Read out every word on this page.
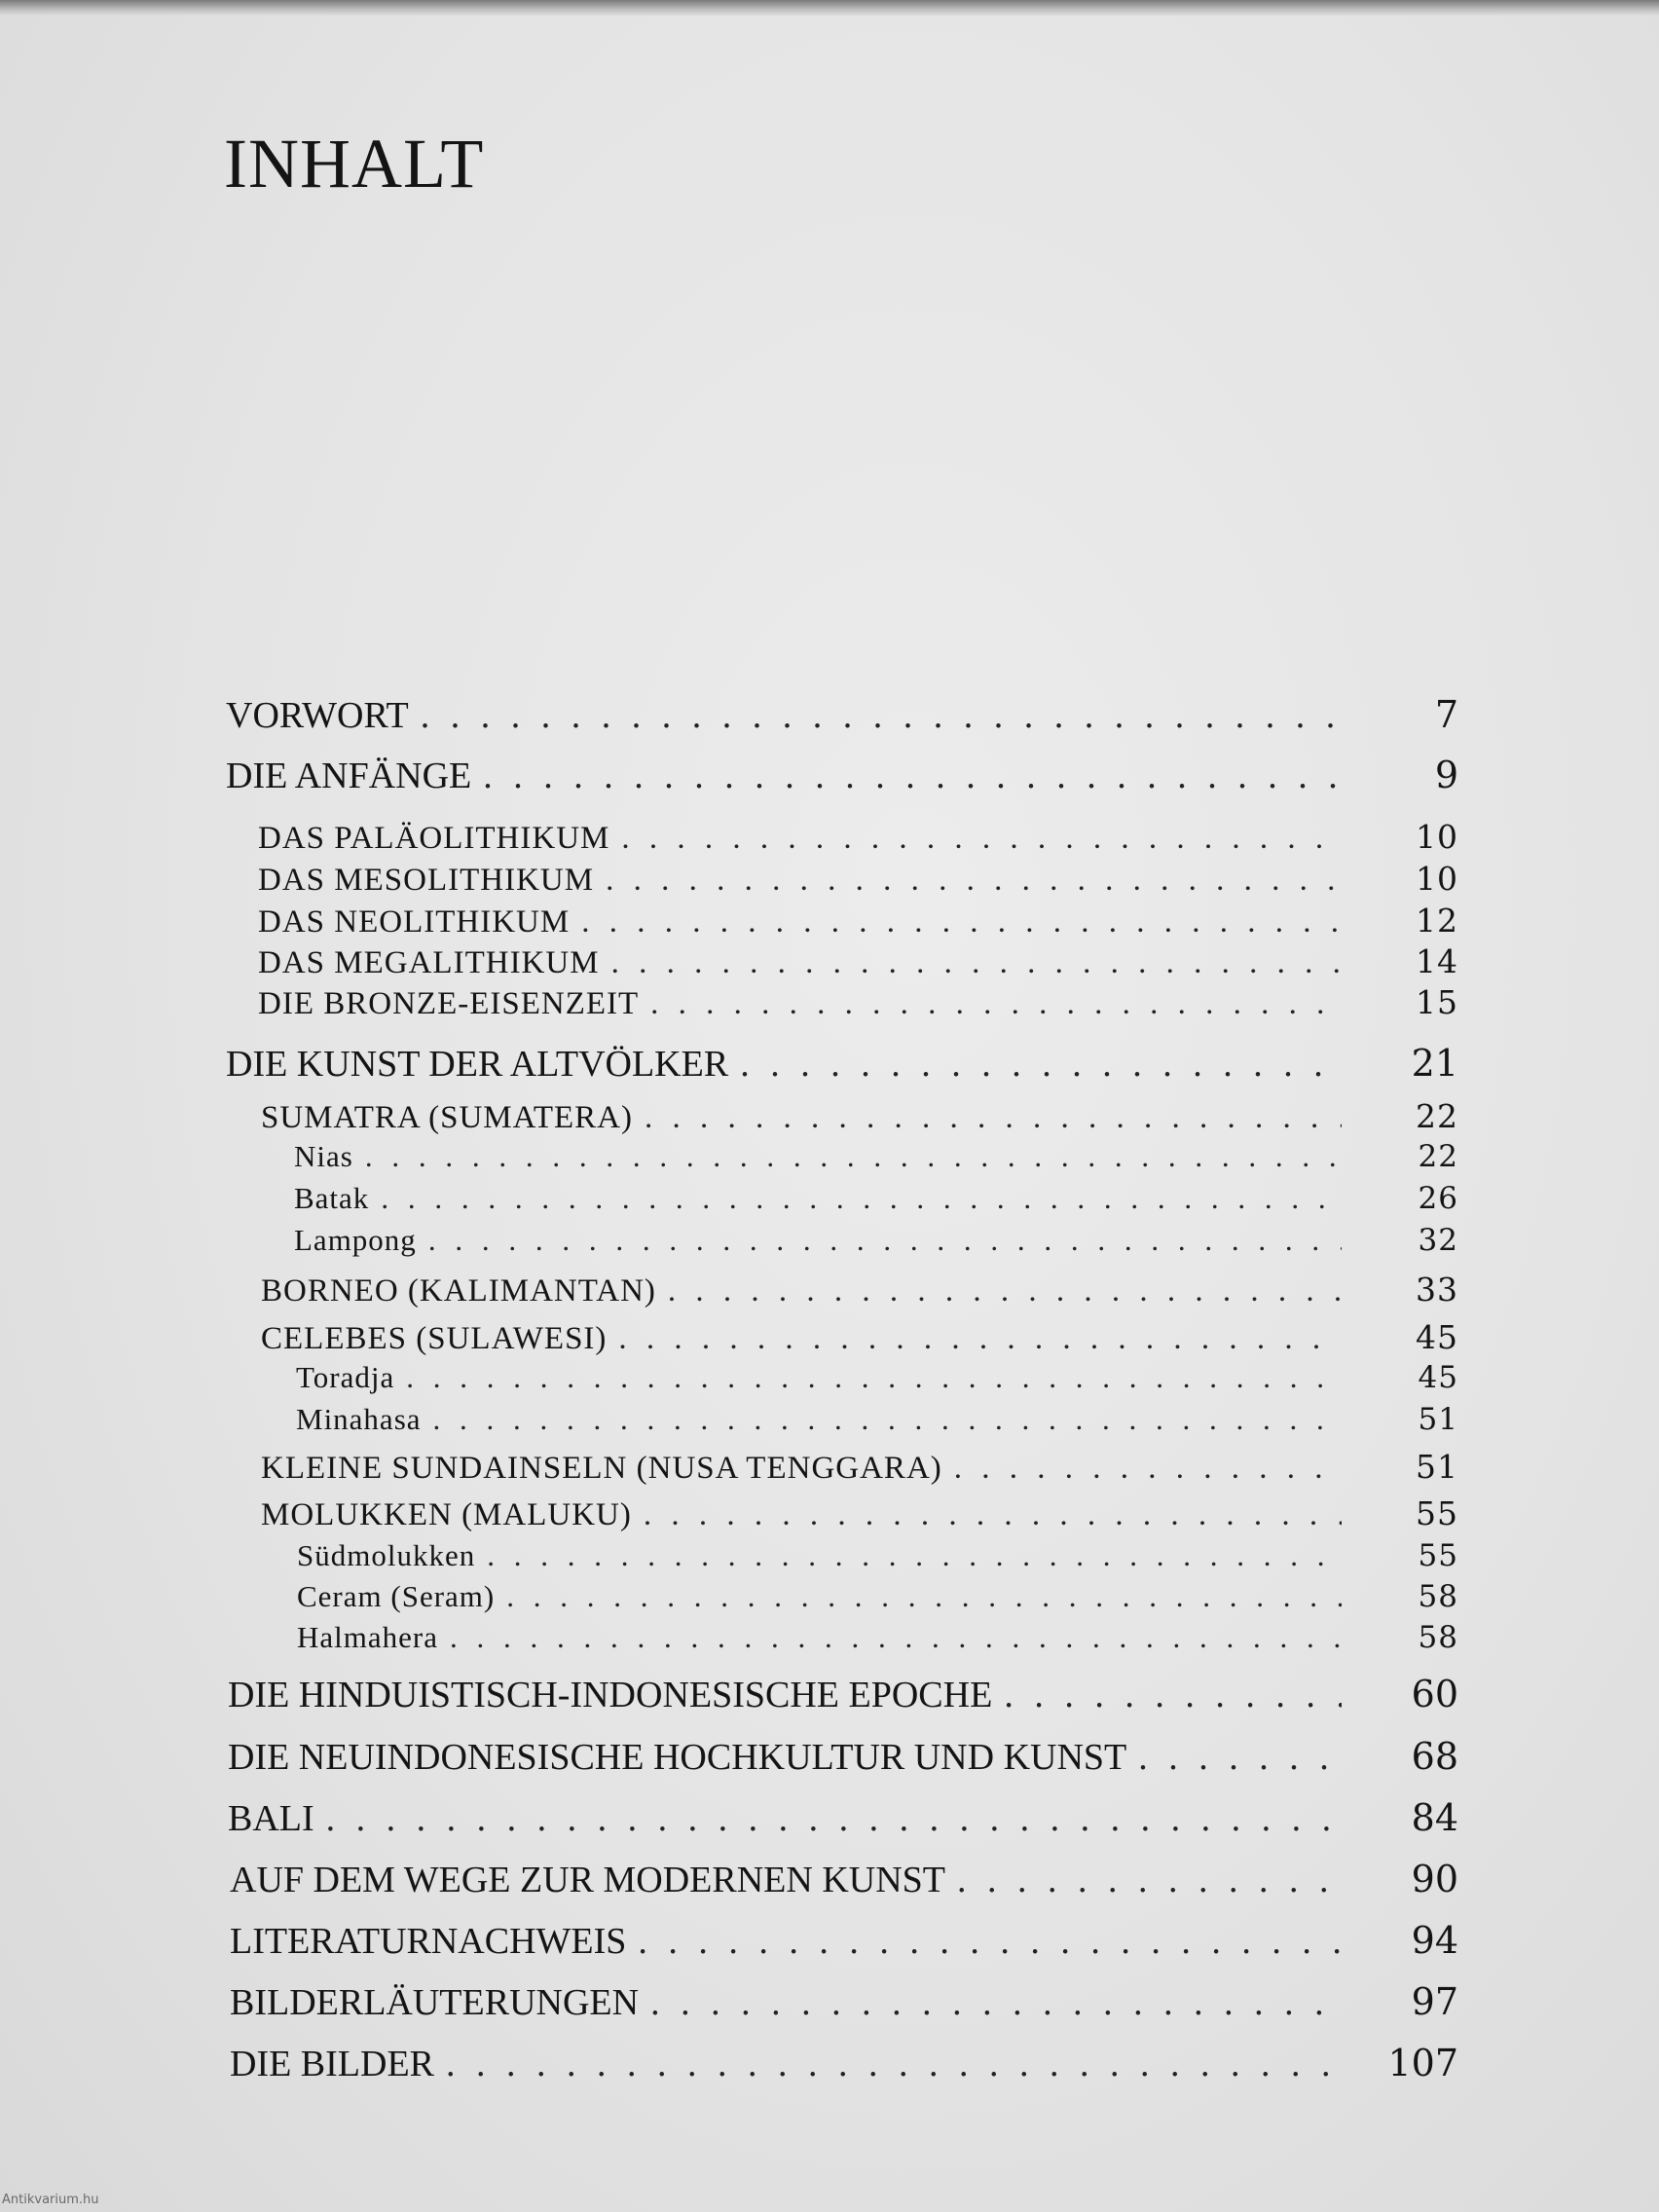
INHALT
VORWORT . . .	7
DIE ANFÄNGE . . .	9
DAS PALÄOLITHIKUM . . .	10
DAS MESOLITHIKUM . . .	10
DAS NEOLITHIKUM . . .	12
DAS MEGALITHIKUM . . .	14
DIE BRONZE-EISENZEIT . . .	15
DIE KUNST DER ALTVÖLKER . . .	21
SUMATRA (SUMATERA) . . .	22
Nias . . .	22
Batak . . .	26
Lampong . . .	32
BORNEO (KALIMANTAN) . . .	33
CELEBES (SULAWESI) . . .	45
Toradja . . .	45
Minahasa . . .	51
KLEINE SUNDAINSELN (NUSA TENGGARA) . . .	51
MOLUKKEN (MALUKU) . . .	55
Südmolukken . . .	55
Ceram (Seram) . . .	58
Halmahera . . .	58
DIE HINDUISTISCH-INDONESISCHE EPOCHE . . .	60
DIE NEUINDONESISCHE HOCHKULTUR UND KUNST . . .	68
BALI . . .	84
AUF DEM WEGE ZUR MODERNEN KUNST . . .	90
LITERATURNACHWEIS . . .	94
BILDERLÄUTERUNGEN . . .	97
DIE BILDER . . .	107
Antikvarium.hu
